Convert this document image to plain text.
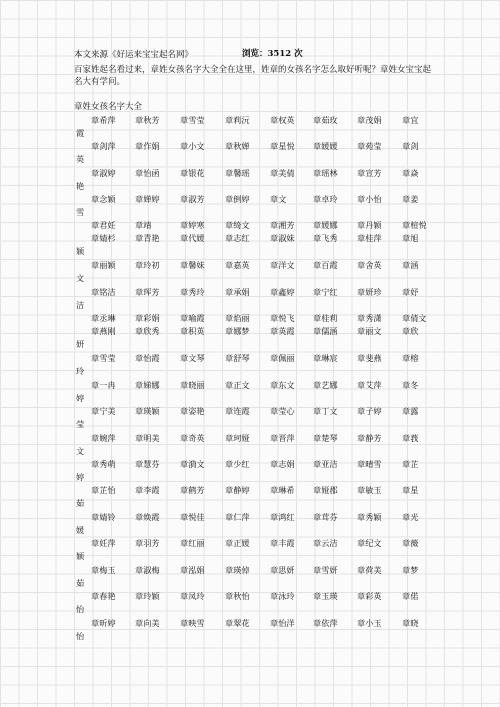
本文来源《好运来宝宝起名网》	浏览：3512 次
百家姓起名看过来，章姓女孩名字大全全在这里，姓章的女孩名字怎么取好听呢？章姓女宝宝起名大有学问。
章姓女孩名字大全
章希萍 章秋芳 章雪莹 章莉沅 章权英 章茹玫 章茂娟 章宜
霞
章剑萍 章作娟 章小文 章秋婵 章星悦 章媛媛 章苑莹 章剑
英
章淑婷 章怡函 章银花 章馨瑶 章美倩 章瑶林 章宣芳 章焱
艳
章念颖 章婵婷 章淑芳 章倒婷 章文	章卓玲 章小怡 章姜
雪
章君妊 章靖	章婷寒 章绮文 章湘芳 章媛娜 章丹颖 章楦悦
章婧杉 章青艳 章代媛 章志红 章淑妹 章飞秀 章桂萍 章旭
颖
章丽颖 章玲初 章馨妹 章嘉英 章洋文 章百霞 章舍英 章涵
文
章铭洁 章珲芳 章秀玲 章承娟 章鑫婷 章宁红 章妍珍 章妤
洁
章丞琳 章彩娟 章喻霞 章焰丽 章悦飞 章桂莉 章秀潇 章倩文
章燕刚 章欣秀 章积英 章娜梦 章英霞 章儒涵 章丽文 章欣
妍
章雪莹 章怡霞 章文琴 章舒琴 章佩丽 章琳宸 章斐燕 章榕
玲
章一冉 章娣娜 章晓丽 章正文 章东文 章艺娜 章艾萍 章冬
婷
章宁美 章瑛颖 章姿艳 章连霞 章莹心 章丁文 章子婷 章露
莹
章婉萍 章明美 章奇英 章珂娅 章晋萍 章楚琴 章静芳 章莪
文
章秀萌 章慧芬 章漪文 章少红 章志娟 章亚洁 章晴雪 章芷
婷
章芷怡 章李霞 章鹤芳 章静婷 章琳希 章娅郡 章敏玉 章星
茹
章婧铃 章焕霞 章悦佳 章仁萍 章鸿红 章茸芬 章秀颖 章光
媛
章妊萍 章羽芳 章红丽 章正媛 章丰霞 章云洁 章纪文 章薇
颖
章梅玉 章淑梅 章泓娟 章瑛倬 章思妍 章雪妍 章荷美 章梦
茹
章春艳 章玲颖 章凤玲 章秋怡 章泳玲 章玉瑛 章彩英 章偌
怡
章昕婷 章向美 章映雪 章翠花 章怡洋 章依萍 章小玉 章晓
怡
